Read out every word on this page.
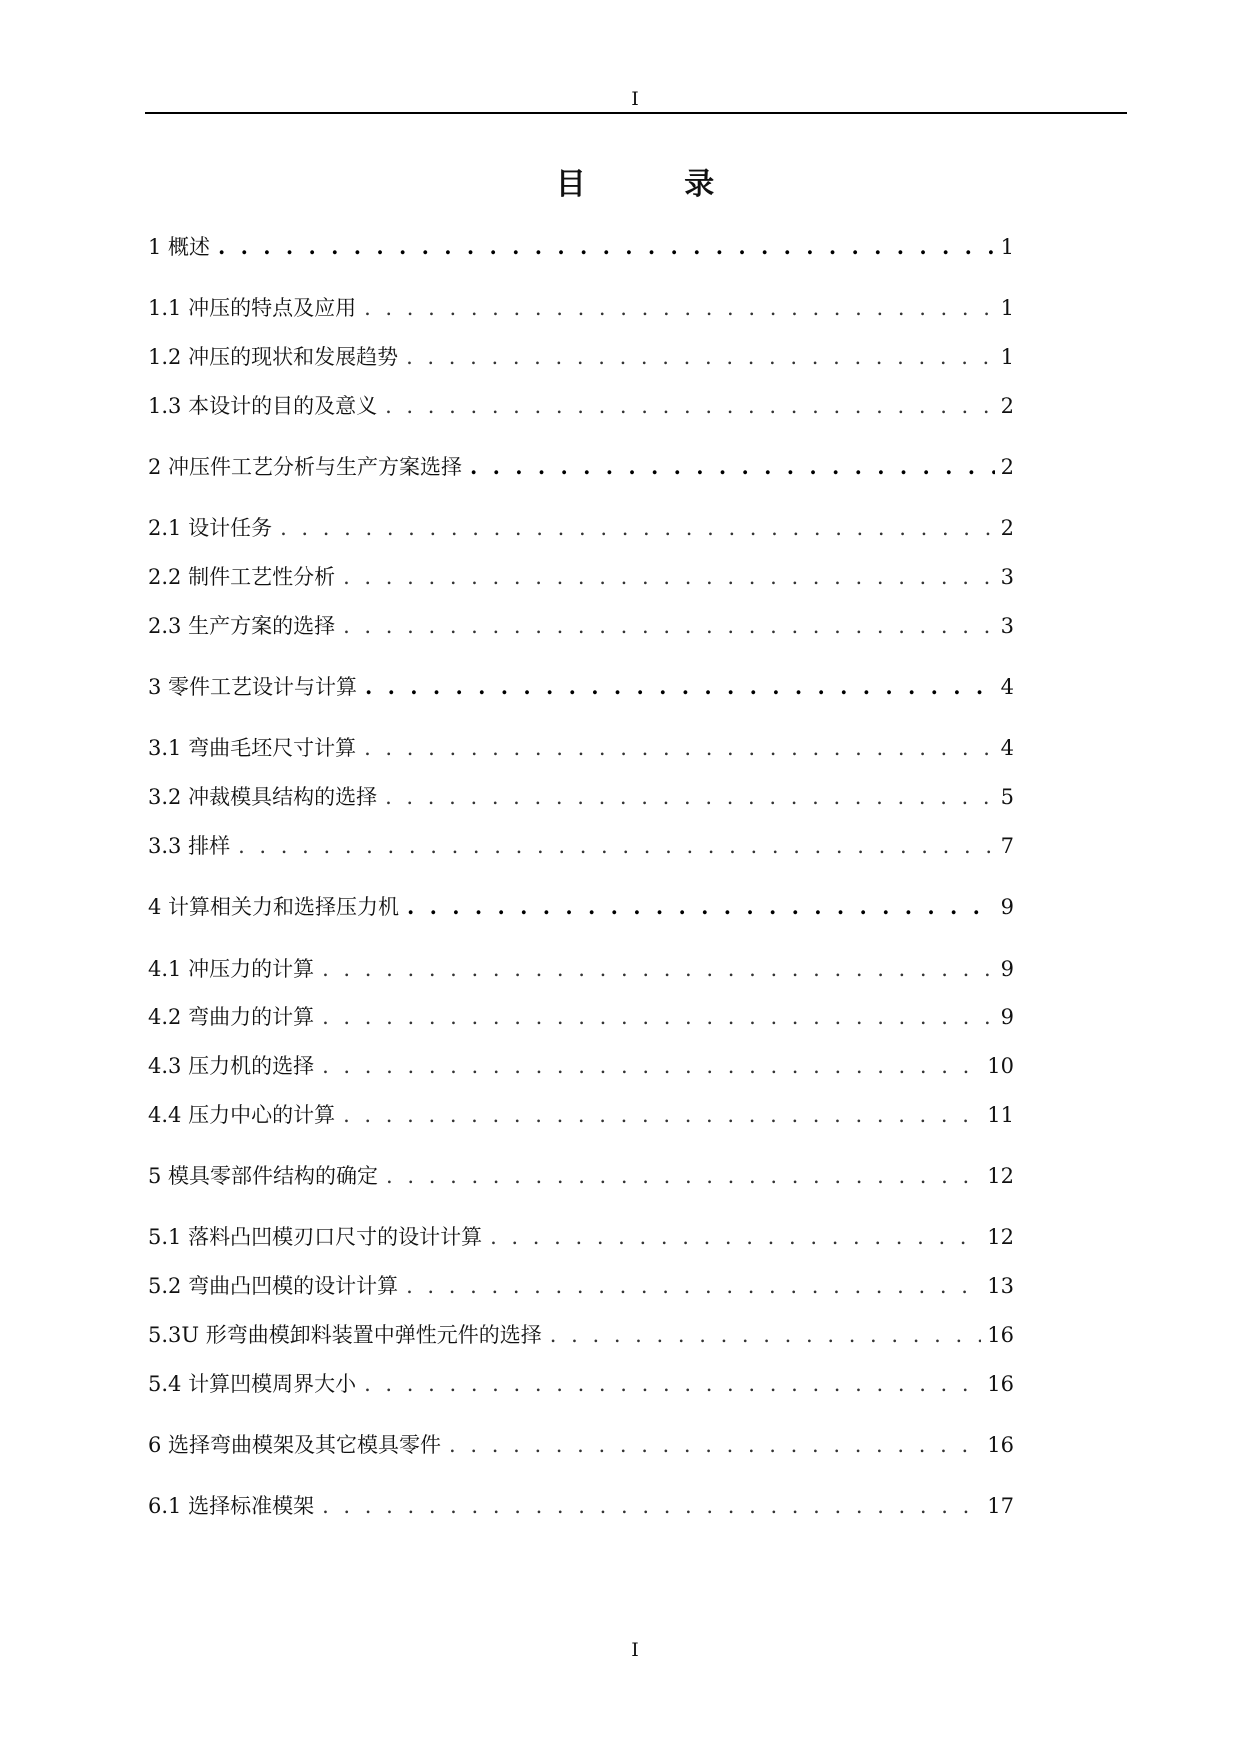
I
目 录
1 概述 . . .	1
1.1 冲压的特点及应用 . . .	1
1.2 冲压的现状和发展趋势 . . .	1
1.3 本设计的目的及意义 . . .	2
2 冲压件工艺分析与生产方案选择 . . .	2
2.1 设计任务 . . .	2
2.2 制件工艺性分析 . . .	3
2.3 生产方案的选择 . . .	3
3 零件工艺设计与计算 . . .	4
3.1 弯曲毛坯尺寸计算 . . .	4
3.2 冲裁模具结构的选择 . . .	5
3.3 排样 . . .	7
4 计算相关力和选择压力机 . . .	9
4.1 冲压力的计算 . . .	9
4.2 弯曲力的计算 . . .	9
4.3 压力机的选择 . . .	10
4.4 压力中心的计算 . . .	11
5 模具零部件结构的确定 . . .	12
5.1 落料凸凹模刃口尺寸的设计计算 . . .	12
5.2 弯曲凸凹模的设计计算 . . .	13
5.3U 形弯曲模卸料装置中弹性元件的选择 . . .	16
5.4 计算凹模周界大小 . . .	16
6 选择弯曲模架及其它模具零件 . . .	16
6.1 选择标准模架 . . .	17
I
